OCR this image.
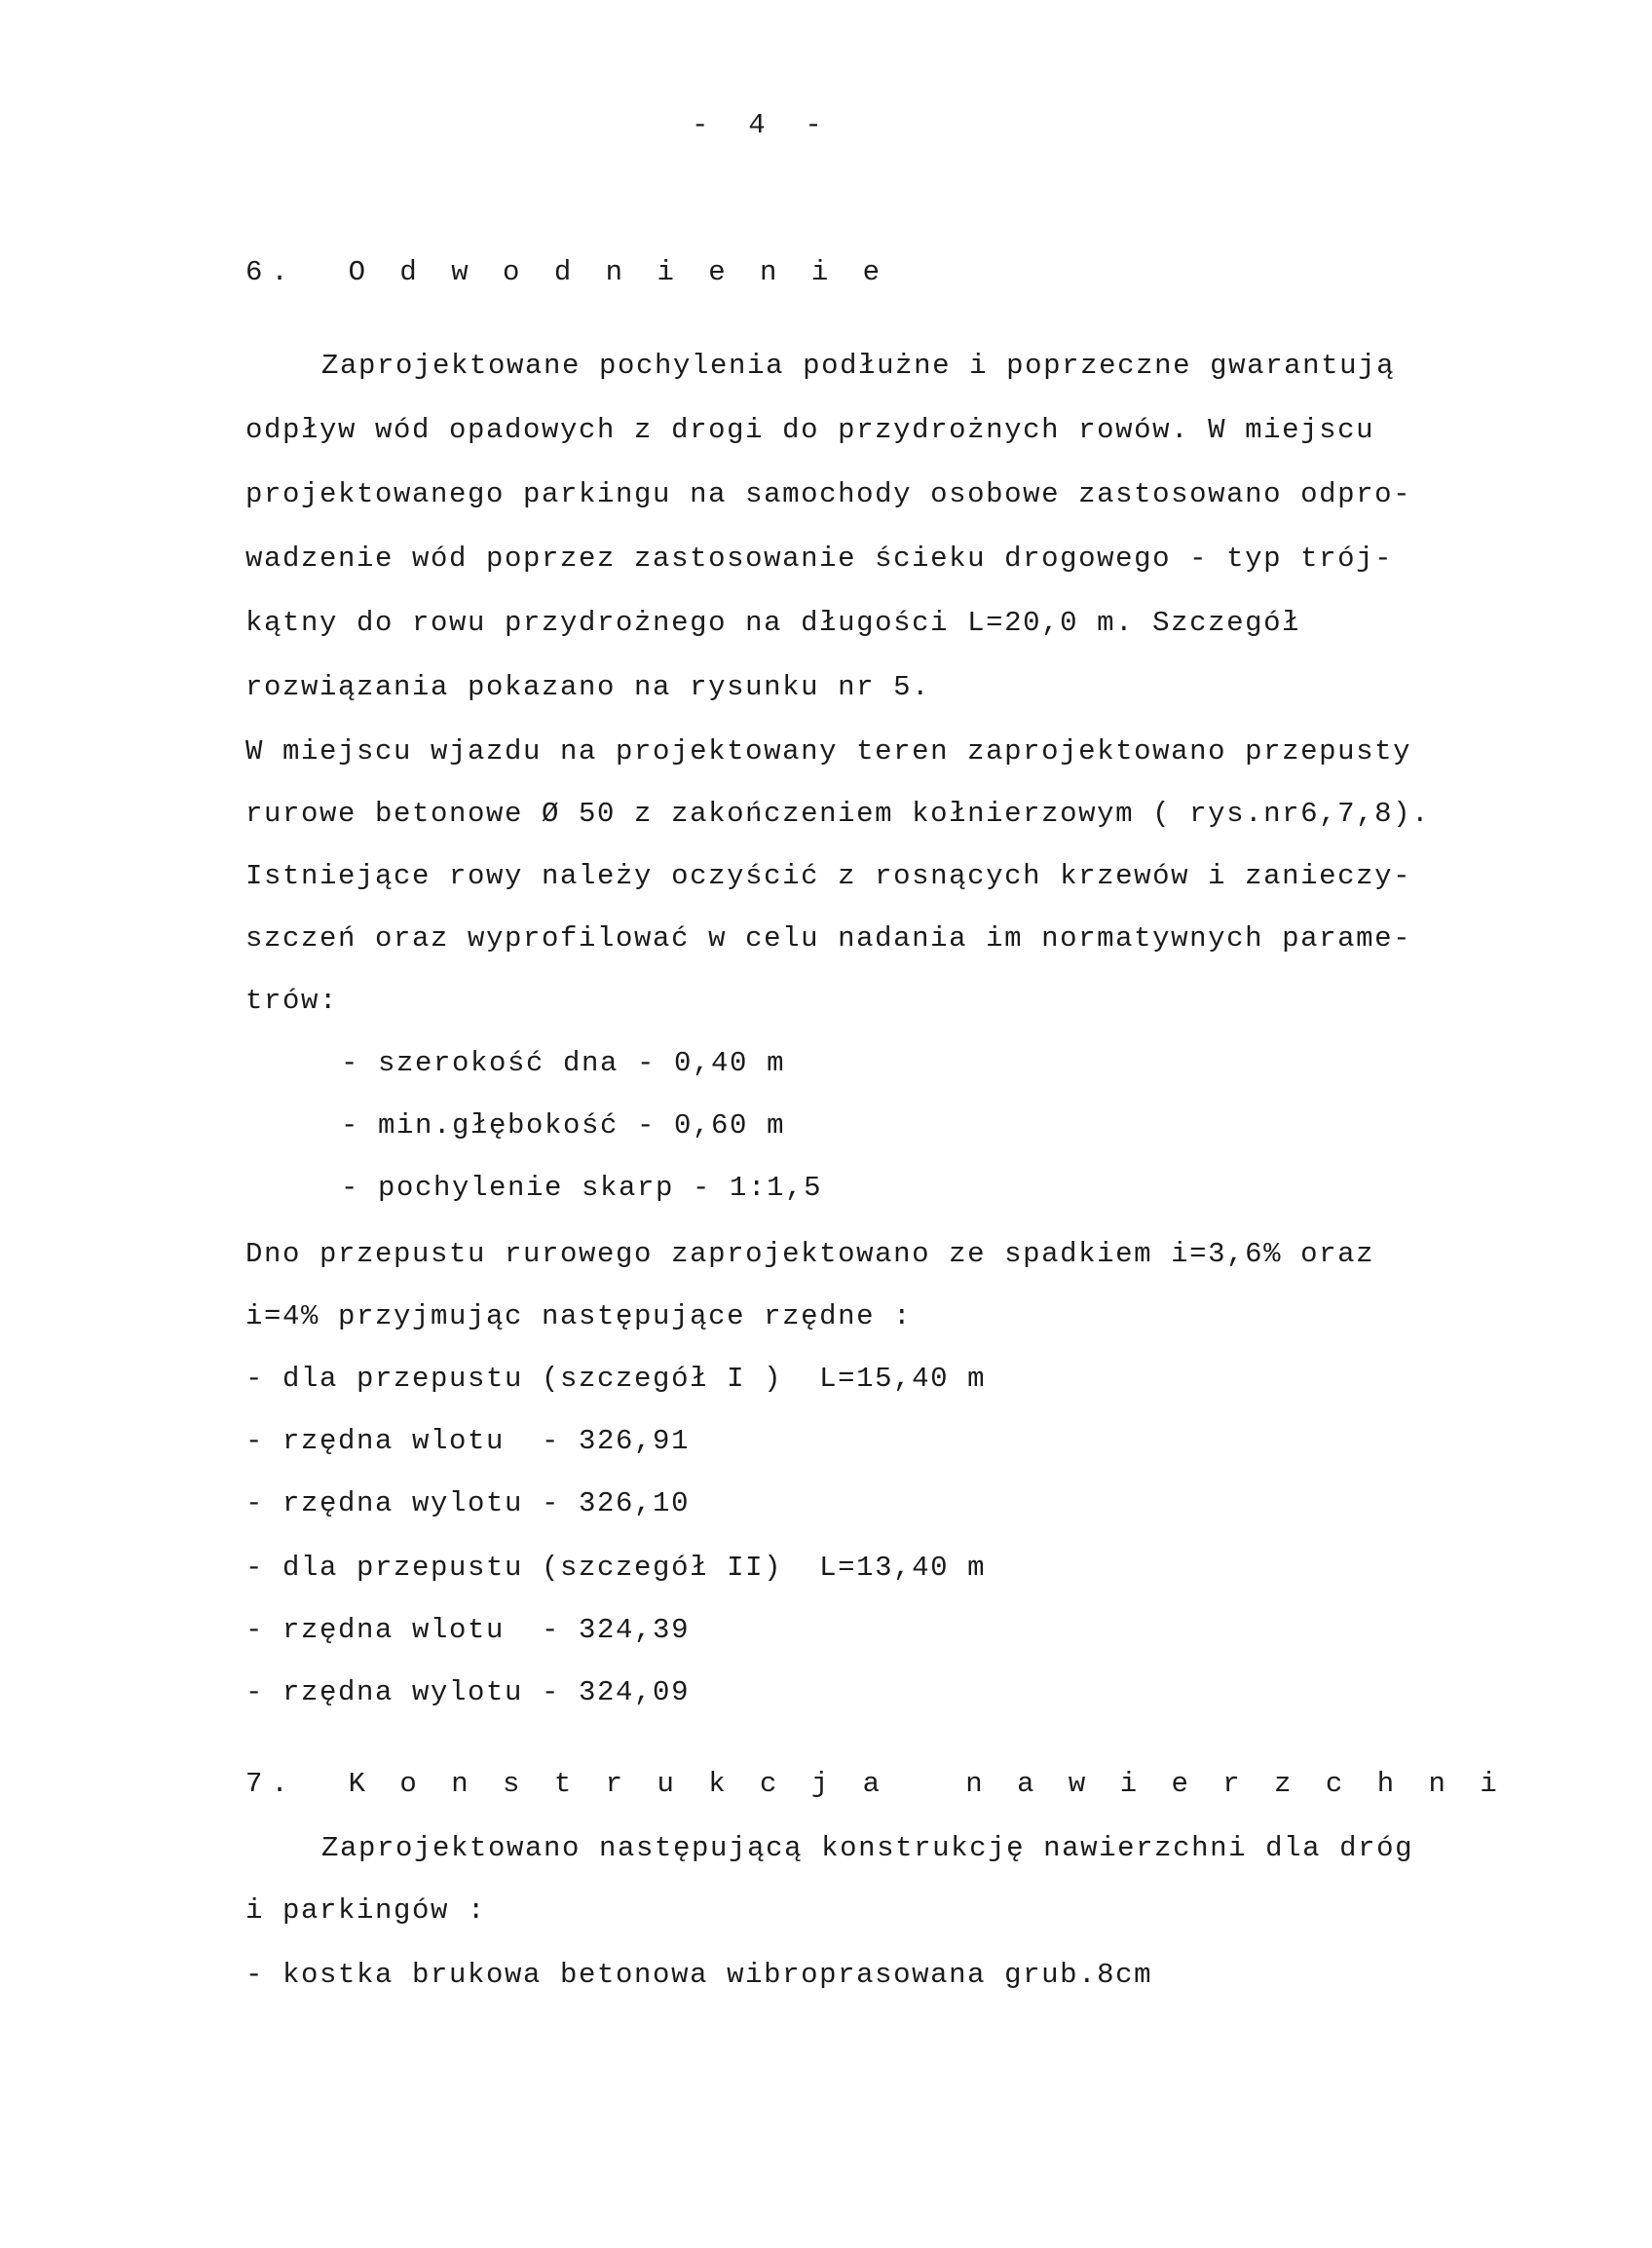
-  4  -
6.  O d w o d n i e n i e
Zaprojektowane pochylenia podłużne i poprzeczne gwarantują
odpływ wód opadowych z drogi do przydrożnych rowów. W miejscu
projektowanego parkingu na samochody osobowe zastosowano odpro-
wadzenie wód poprzez zastosowanie ścieku drogowego - typ trój-
kątny do rowu przydrożnego na długości L=20,0 m. Szczegół
rozwiązania pokazano na rysunku nr 5.
W miejscu wjazdu na projektowany teren zaprojektowano przepusty
rurowe betonowe Ø 50 z zakończeniem kołnierzowym ( rys.nr6,7,8).
Istniejące rowy należy oczyścić z rosnących krzewów i zanieczy-
szczeń oraz wyprofilować w celu nadania im normatywnych parame-
trów:
- szerokość dna - 0,40 m
- min.głębokość - 0,60 m
- pochylenie skarp - 1:1,5
Dno przepustu rurowego zaprojektowano ze spadkiem i=3,6% oraz
i=4% przyjmując następujące rzędne :
- dla przepustu (szczegół I )  L=15,40 m
- rzędna wlotu  - 326,91
- rzędna wylotu - 326,10
- dla przepustu (szczegół II)  L=13,40 m
- rzędna wlotu  - 324,39
- rzędna wylotu - 324,09
7.  K o n s t r u k c j a   n a w i e r z c h n i
Zaprojektowano następującą konstrukcję nawierzchni dla dróg
i parkingów :
- kostka brukowa betonowa wibroprasowana grub.8cm
